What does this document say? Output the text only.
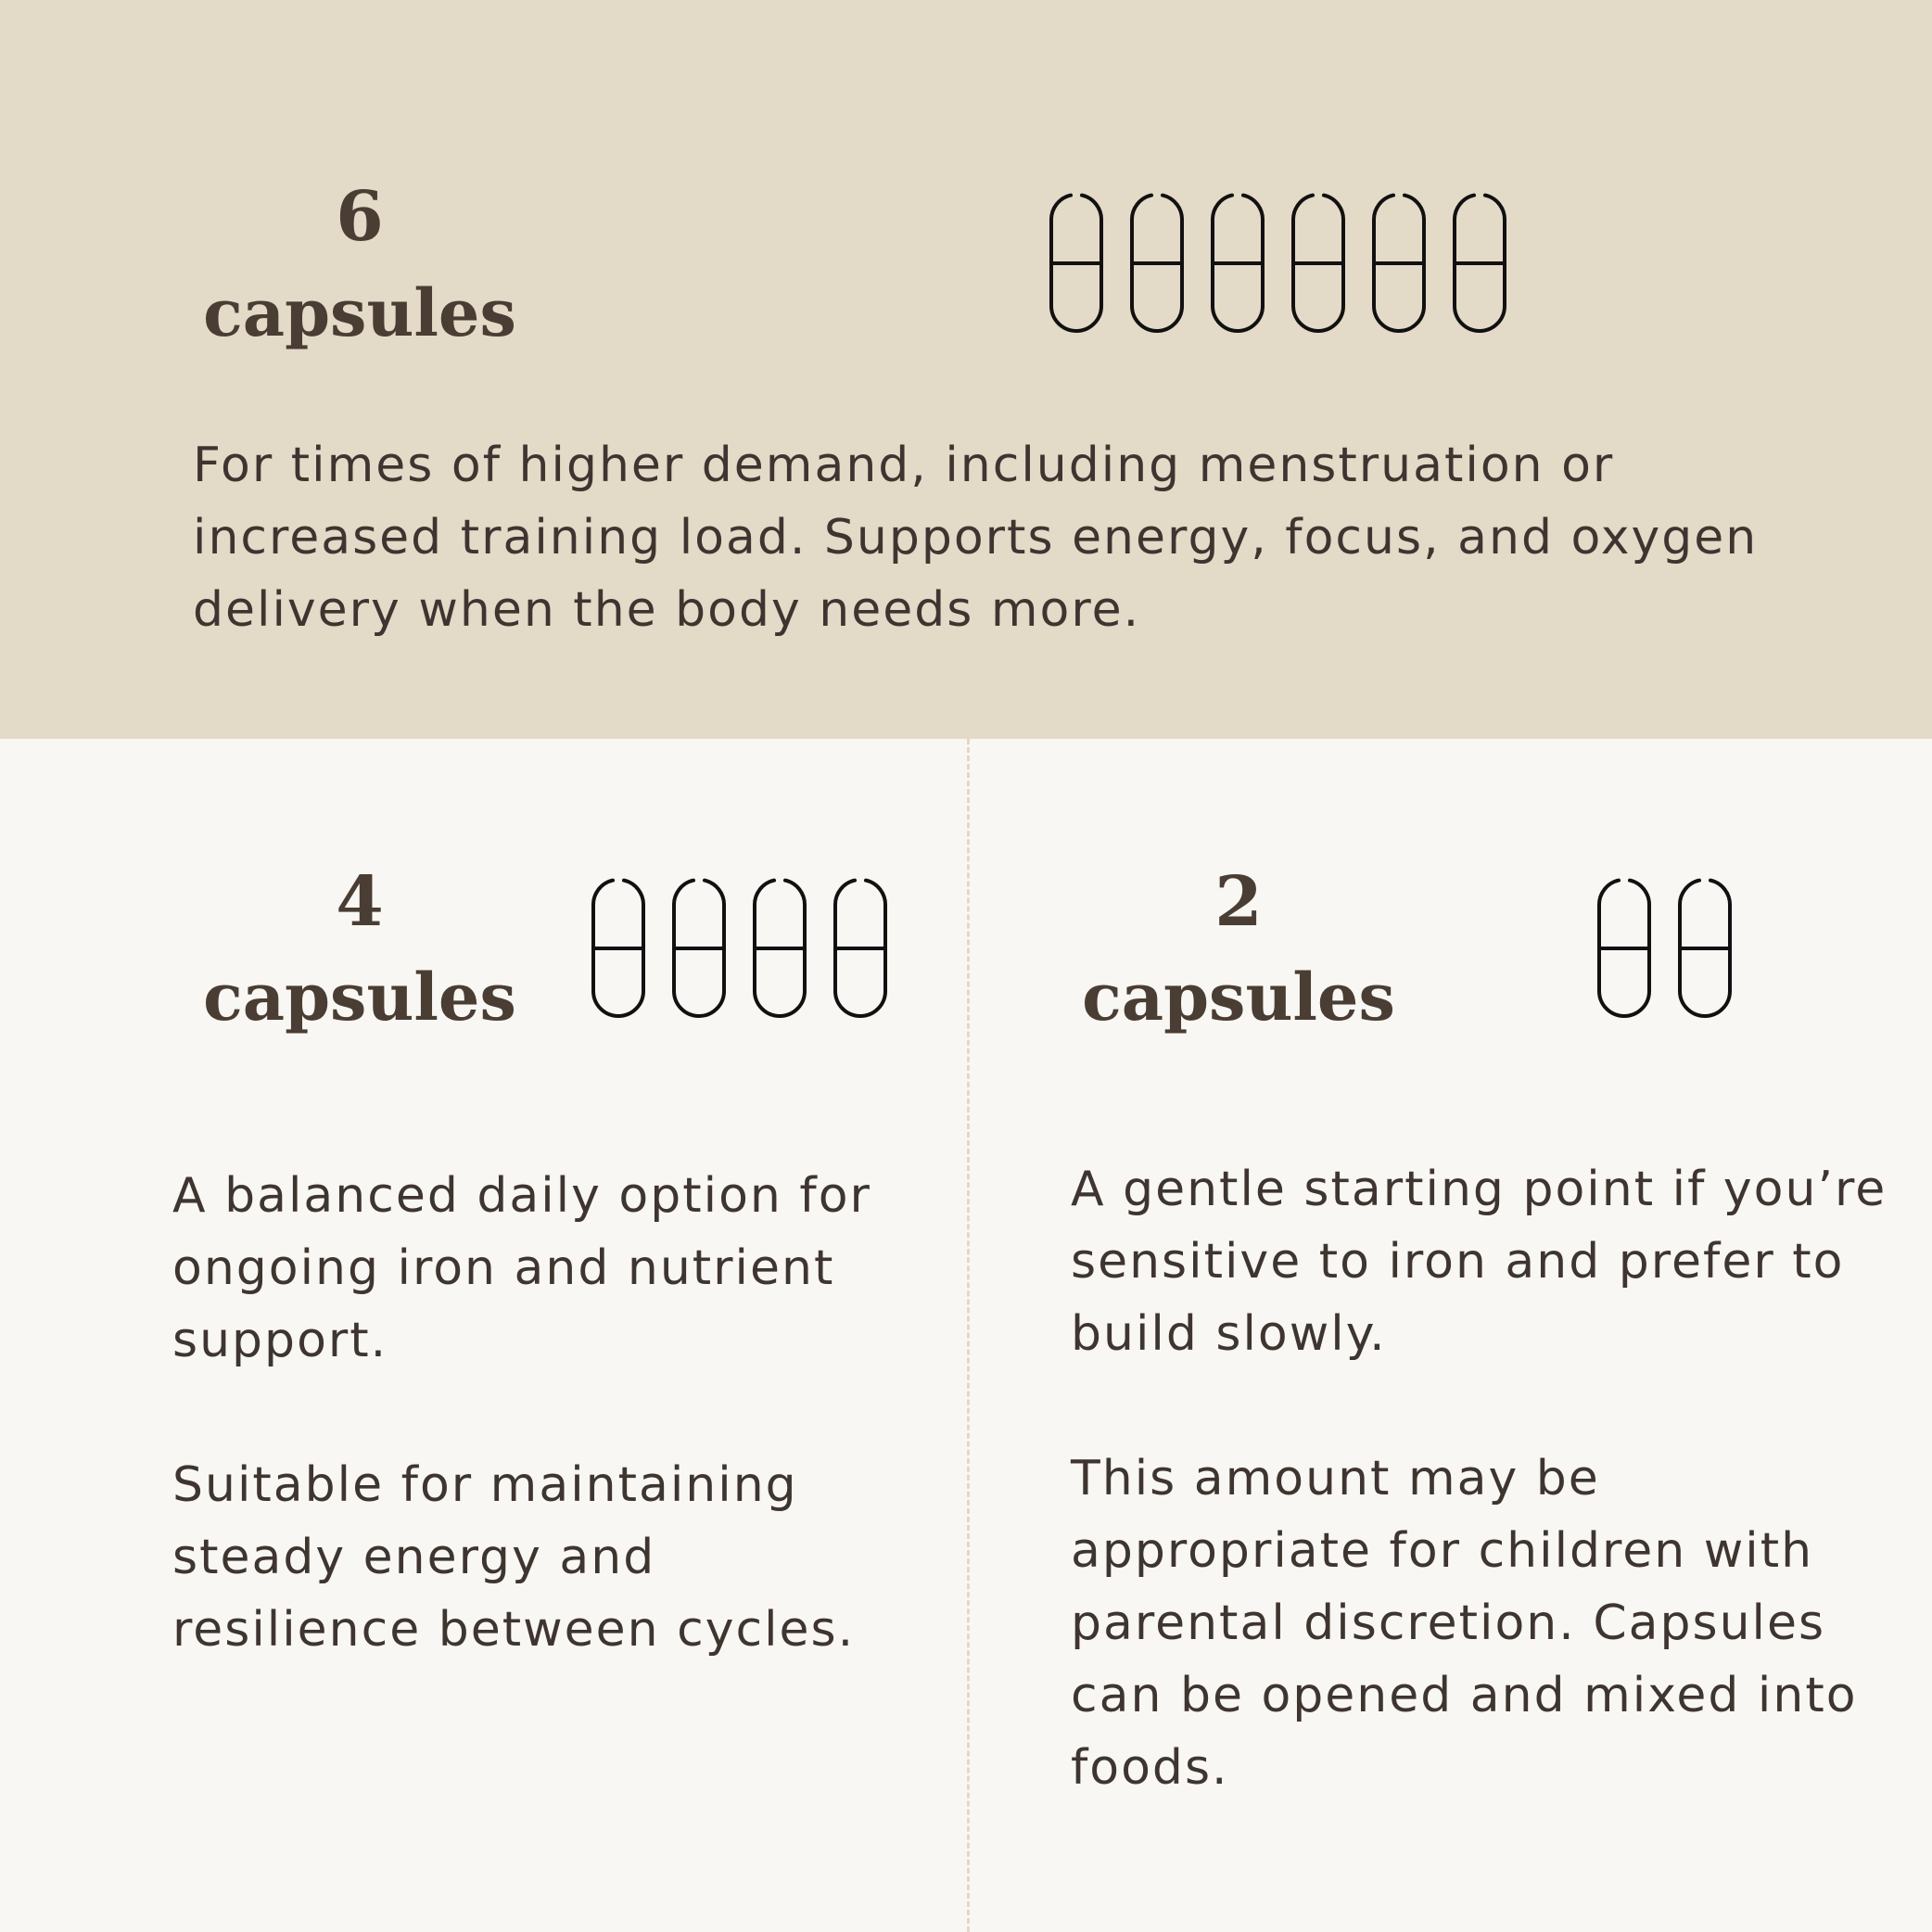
6
capsules

For times of higher demand, including menstruation or increased training load. Supports energy, focus, and oxygen delivery when the body needs more.

4
capsules

A balanced daily option for ongoing iron and nutrient support.

Suitable for maintaining steady energy and resilience between cycles.

2
capsules

A gentle starting point if you’re sensitive to iron and prefer to build slowly.

This amount may be appropriate for children with parental discretion. Capsules can be opened and mixed into foods.
